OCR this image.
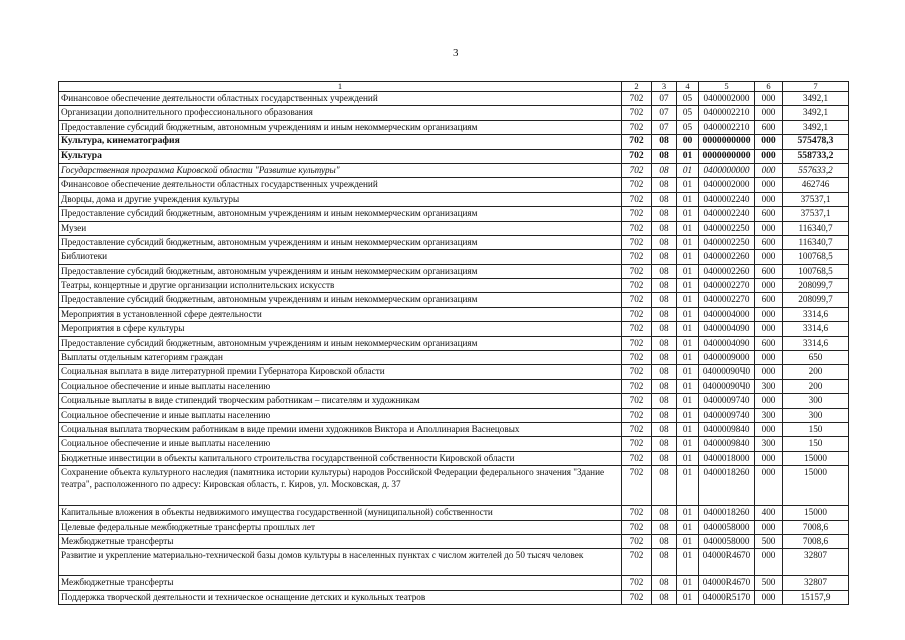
3
1	2	3	4	5	6	7
Финансовое обеспечение деятельности областных государственных учреждений	702	07	05	0400002000	000	3492,1
Организации дополнительного профессионального образования	702	07	05	0400002210	000	3492,1
Предоставление субсидий бюджетным, автономным учреждениям и иным некоммерческим организациям	702	07	05	0400002210	600	3492,1
Культура, кинематография	702	08	00	0000000000	000	575478,3
Культура	702	08	01	0000000000	000	558733,2
Государственная программа Кировской области "Развитие культуры"	702	08	01	0400000000	000	557633,2
Финансовое обеспечение деятельности областных государственных учреждений	702	08	01	0400002000	000	462746
Дворцы, дома и другие учреждения культуры	702	08	01	0400002240	000	37537,1
Предоставление субсидий бюджетным, автономным учреждениям и иным некоммерческим организациям	702	08	01	0400002240	600	37537,1
Музеи	702	08	01	0400002250	000	116340,7
Предоставление субсидий бюджетным, автономным учреждениям и иным некоммерческим организациям	702	08	01	0400002250	600	116340,7
Библиотеки	702	08	01	0400002260	000	100768,5
Предоставление субсидий бюджетным, автономным учреждениям и иным некоммерческим организациям	702	08	01	0400002260	600	100768,5
Театры, концертные и другие организации исполнительских искусств	702	08	01	0400002270	000	208099,7
Предоставление субсидий бюджетным, автономным учреждениям и иным некоммерческим организациям	702	08	01	0400002270	600	208099,7
Мероприятия в установленной сфере деятельности	702	08	01	0400004000	000	3314,6
Мероприятия в сфере культуры	702	08	01	0400004090	000	3314,6
Предоставление субсидий бюджетным, автономным учреждениям и иным некоммерческим организациям	702	08	01	0400004090	600	3314,6
Выплаты отдельным категориям граждан	702	08	01	0400009000	000	650
Социальная выплата в виде литературной премии Губернатора Кировской области	702	08	01	04000090Ч0	000	200
Социальное обеспечение и иные выплаты населению	702	08	01	04000090Ч0	300	200
Социальные выплаты в виде стипендий творческим работникам – писателям и художникам	702	08	01	0400009740	000	300
Социальное обеспечение и иные выплаты населению	702	08	01	0400009740	300	300
Социальная выплата творческим работникам в виде премии имени художников Виктора и Аполлинария Васнецовых	702	08	01	0400009840	000	150
Социальное обеспечение и иные выплаты населению	702	08	01	0400009840	300	150
Бюджетные инвестиции в объекты капитального строительства государственной собственности Кировской области	702	08	01	0400018000	000	15000
Сохранение объекта культурного наследия (памятника истории культуры) народов Российской Федерации федерального значения "Здание театра", расположенного по адресу: Кировская область, г. Киров, ул. Московская, д. 37	702	08	01	0400018260	000	15000
Капитальные вложения в объекты недвижимого имущества государственной (муниципальной) собственности	702	08	01	0400018260	400	15000
Целевые федеральные межбюджетные трансферты прошлых лет	702	08	01	0400058000	000	7008,6
Межбюджетные трансферты	702	08	01	0400058000	500	7008,6
Развитие и укрепление материально-технической базы домов культуры в населенных пунктах с числом жителей до 50 тысяч человек	702	08	01	04000R4670	000	32807
Межбюджетные трансферты	702	08	01	04000R4670	500	32807
Поддержка творческой деятельности и техническое оснащение детских и кукольных театров	702	08	01	04000R5170	000	15157,9
